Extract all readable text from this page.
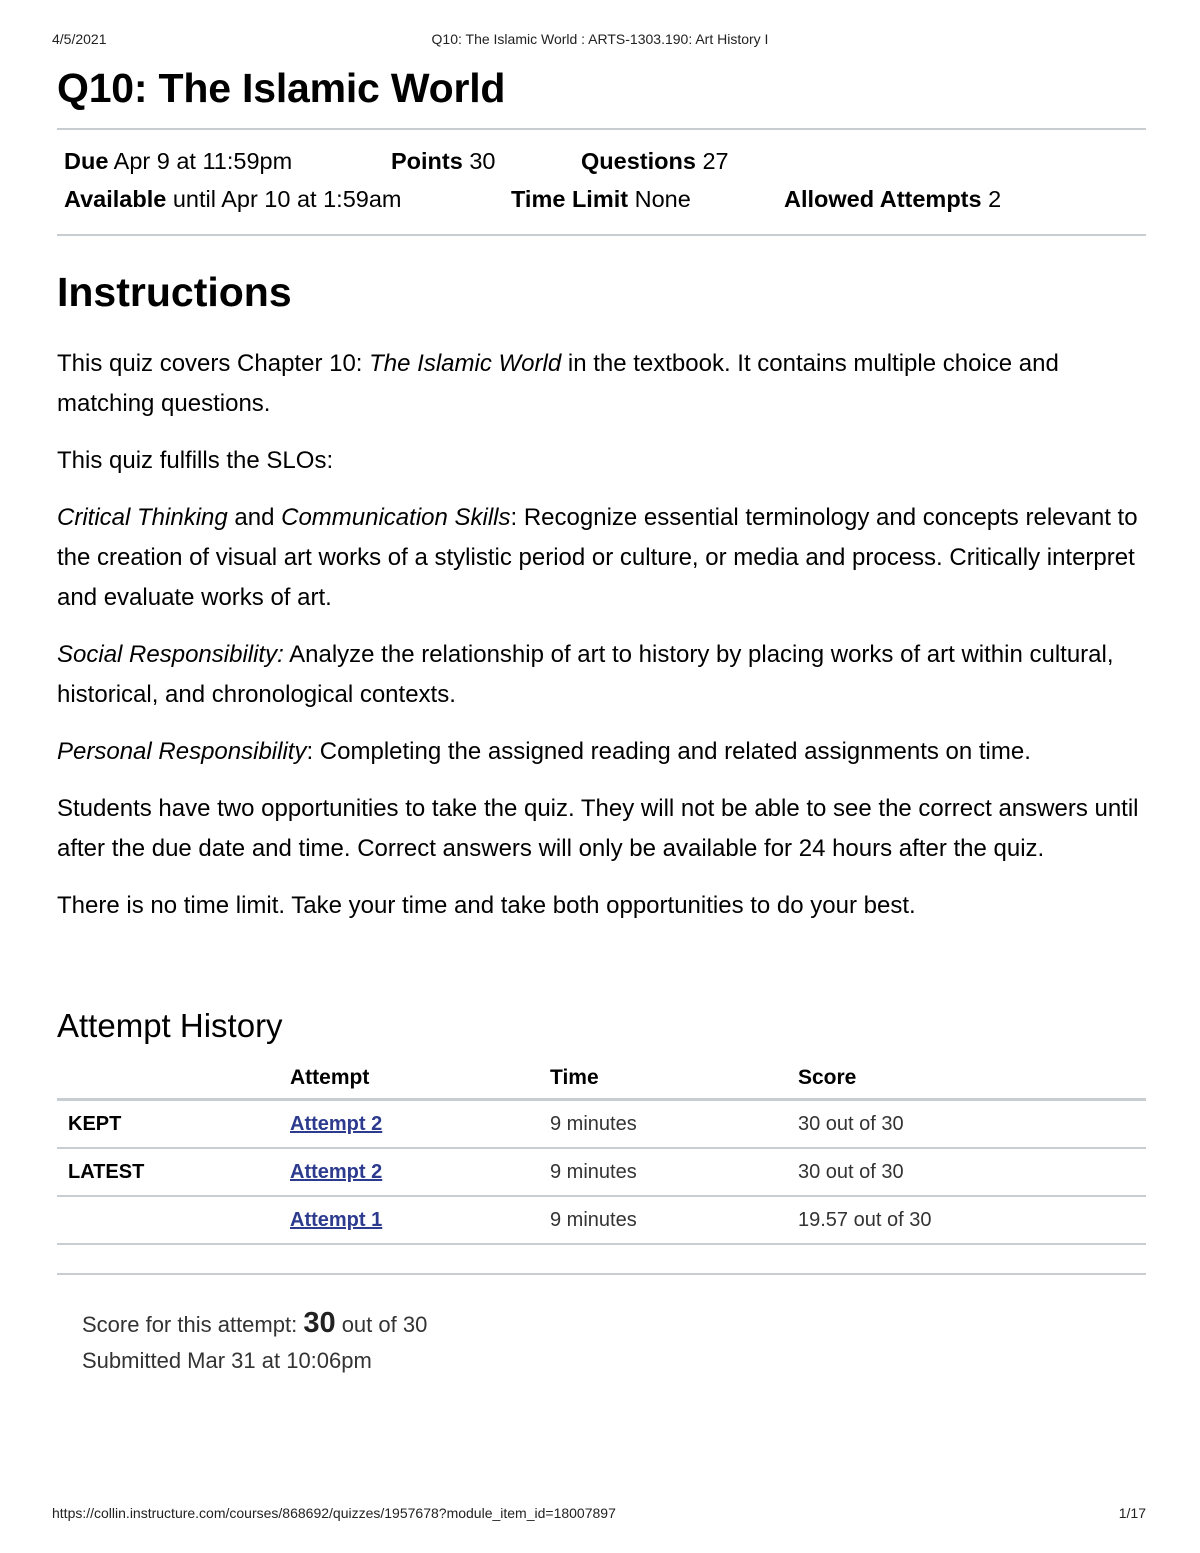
4/5/2021	Q10: The Islamic World : ARTS-1303.190: Art History I
Q10: The Islamic World
Due Apr 9 at 11:59pm	Points 30	Questions 27
Available until Apr 10 at 1:59am	Time Limit None	Allowed Attempts 2
Instructions

This quiz covers Chapter 10: The Islamic World in the textbook. It contains multiple choice and matching questions.

This quiz fulfills the SLOs:

Critical Thinking and Communication Skills: Recognize essential terminology and concepts relevant to the creation of visual art works of a stylistic period or culture, or media and process. Critically interpret and evaluate works of art.

Social Responsibility: Analyze the relationship of art to history by placing works of art within cultural, historical, and chronological contexts.

Personal Responsibility: Completing the assigned reading and related assignments on time.

Students have two opportunities to take the quiz. They will not be able to see the correct answers until after the due date and time. Correct answers will only be available for 24 hours after the quiz.

There is no time limit. Take your time and take both opportunities to do your best.

Attempt History
	Attempt	Time	Score
KEPT	Attempt 2	9 minutes	30 out of 30
LATEST	Attempt 2	9 minutes	30 out of 30
	Attempt 1	9 minutes	19.57 out of 30
Score for this attempt: 30 out of 30
Submitted Mar 31 at 10:06pm
https://collin.instructure.com/courses/868692/quizzes/1957678?module_item_id=18007897	1/17
